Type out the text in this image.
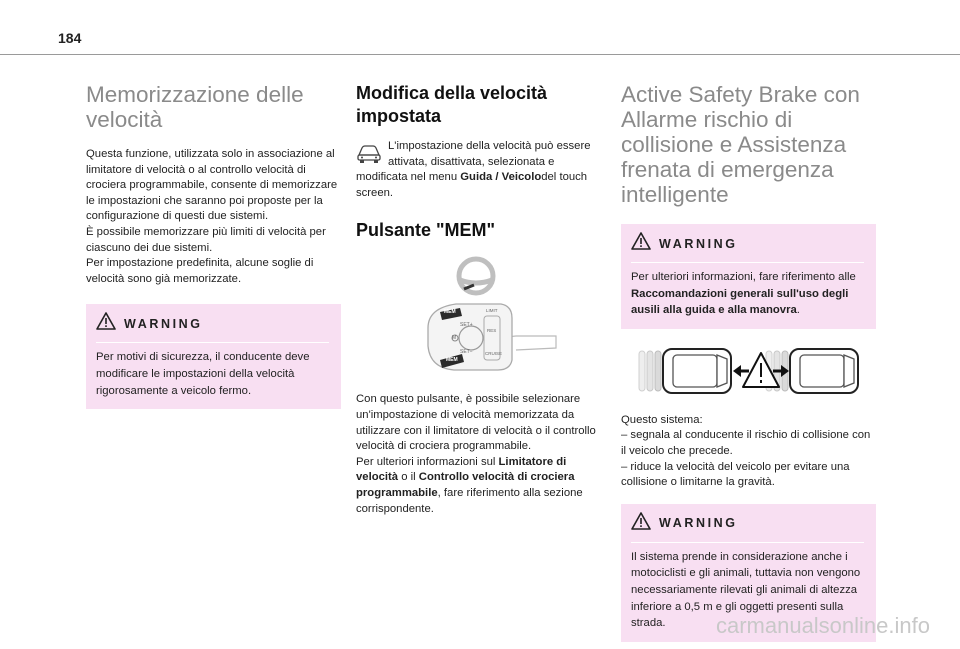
184
Memorizzazione delle velocità

Questa funzione, utilizzata solo in associazione al limitatore di velocità o al controllo velocità di crociera programmabile, consente di memorizzare le impostazioni che saranno poi proposte per la configurazione di questi due sistemi.

È possibile memorizzare più limiti di velocità per ciascuno dei due sistemi.

Per impostazione predefinita, alcune soglie di velocità sono già memorizzate.

WARNING
Per motivi di sicurezza, il conducente deve modificare le impostazioni della velocità rigorosamente a veicolo fermo.
Modifica della velocità impostata

L'impostazione della velocità può essere

attivata, disattivata, selezionata e

modificata nel menu Guida / Veicolodel touch screen.

Pulsante "MEM"
MEM
MEM
SET+
SET−
M
LIMIT
RES
CRUISE

Con questo pulsante, è possibile selezionare un'impostazione di velocità memorizzata da utilizzare con il limitatore di velocità o il controllo velocità di crociera programmabile.

Per ulteriori informazioni sul Limitatore di velocità o il Controllo velocità di crociera programmabile, fare riferimento alla sezione corrispondente.

Active Safety Brake con Allarme rischio di collisione e Assistenza frenata di emergenza intelligente
WARNING
Per ulteriori informazioni, fare riferimento alle Raccomandazioni generali sull'uso degli ausili alla guida e alla manovra.

Questo sistema:

– segnala al conducente il rischio di collisione con il veicolo che precede.

– riduce la velocità del veicolo per evitare una collisione o limitarne la gravità.

WARNING
Il sistema prende in considerazione anche i motociclisti e gli animali, tuttavia non vengono necessariamente rilevati gli animali di altezza inferiore a 0,5 m e gli oggetti presenti sulla strada.	carmanualsonline.info
